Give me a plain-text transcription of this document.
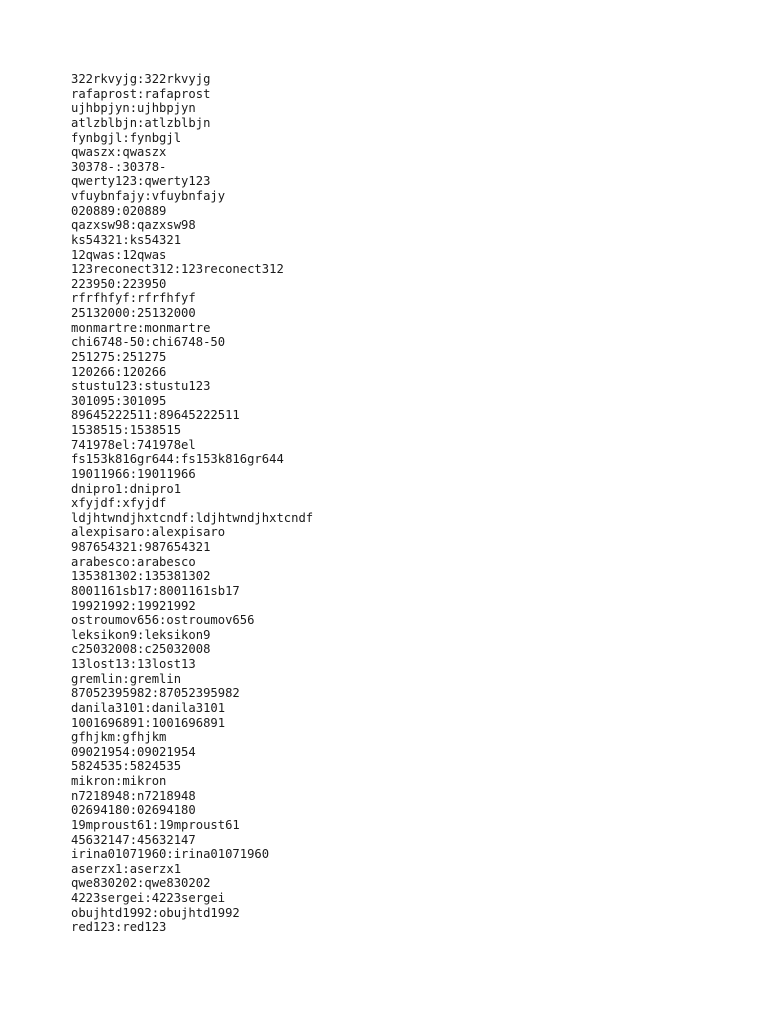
322rkvyjg:322rkvyjg
rafaprost:rafaprost
ujhbpjyn:ujhbpjyn
atlzblbjn:atlzblbjn
fynbgjl:fynbgjl
qwaszx:qwaszx
30378-:30378-
qwerty123:qwerty123
vfuybnfajy:vfuybnfajy
020889:020889
qazxsw98:qazxsw98
ks54321:ks54321
12qwas:12qwas
123reconect312:123reconect312
223950:223950
rfrfhfyf:rfrfhfyf
25132000:25132000
monmartre:monmartre
chi6748-50:chi6748-50
251275:251275
120266:120266
stustu123:stustu123
301095:301095
89645222511:89645222511
1538515:1538515
741978el:741978el
fs153k816gr644:fs153k816gr644
19011966:19011966
dnipro1:dnipro1
xfyjdf:xfyjdf
ldjhtwndjhxtcndf:ldjhtwndjhxtcndf
alexpisaro:alexpisaro
987654321:987654321
arabesco:arabesco
135381302:135381302
8001161sb17:8001161sb17
19921992:19921992
ostroumov656:ostroumov656
leksikon9:leksikon9
c25032008:c25032008
13lost13:13lost13
gremlin:gremlin
87052395982:87052395982
danila3101:danila3101
1001696891:1001696891
gfhjkm:gfhjkm
09021954:09021954
5824535:5824535
mikron:mikron
n7218948:n7218948
02694180:02694180
19mproust61:19mproust61
45632147:45632147
irina01071960:irina01071960
aserzx1:aserzx1
qwe830202:qwe830202
4223sergei:4223sergei
obujhtd1992:obujhtd1992
red123:red123
